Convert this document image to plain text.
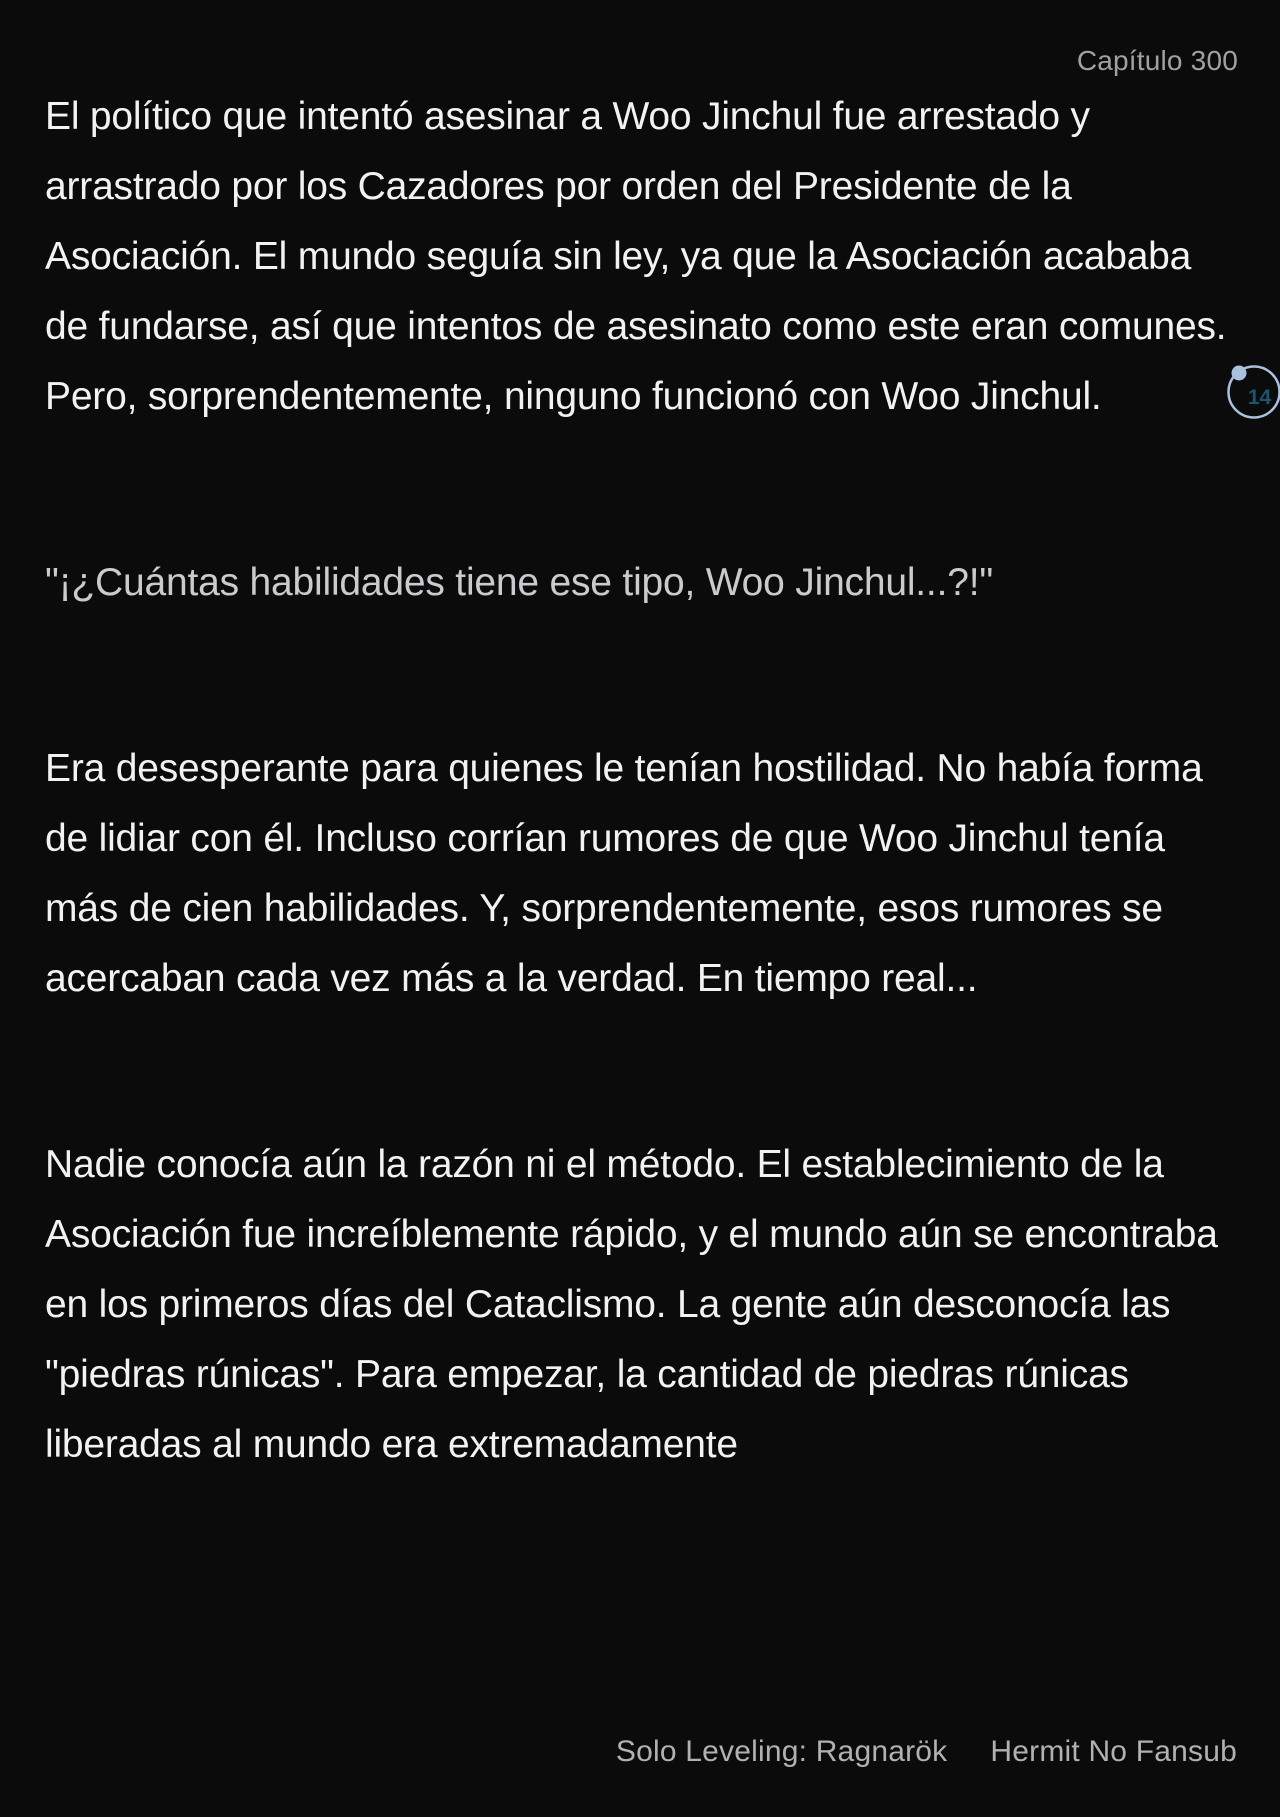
Capítulo 300

El político que intentó asesinar a Woo Jinchul fue arrestado y arrastrado por los Cazadores por orden del Presidente de la Asociación. El mundo seguía sin ley, ya que la Asociación acababa de fundarse, así que intentos de asesinato como este eran comunes. Pero, sorprendentemente, ninguno funcionó con Woo Jinchul.

"¡¿Cuántas habilidades tiene ese tipo, Woo Jinchul...?!"

Era desesperante para quienes le tenían hostilidad. No había forma de lidiar con él. Incluso corrían rumores de que Woo Jinchul tenía más de cien habilidades. Y, sorprendentemente, esos rumores se acercaban cada vez más a la verdad. En tiempo real...

Nadie conocía aún la razón ni el método. El establecimiento de la Asociación fue increíblemente rápido, y el mundo aún se encontraba en los primeros días del Cataclismo. La gente aún desconocía las "piedras rúnicas". Para empezar, la cantidad de piedras rúnicas liberadas al mundo era extremadamente

14
Solo Leveling: Ragnarök Hermit No Fansub
